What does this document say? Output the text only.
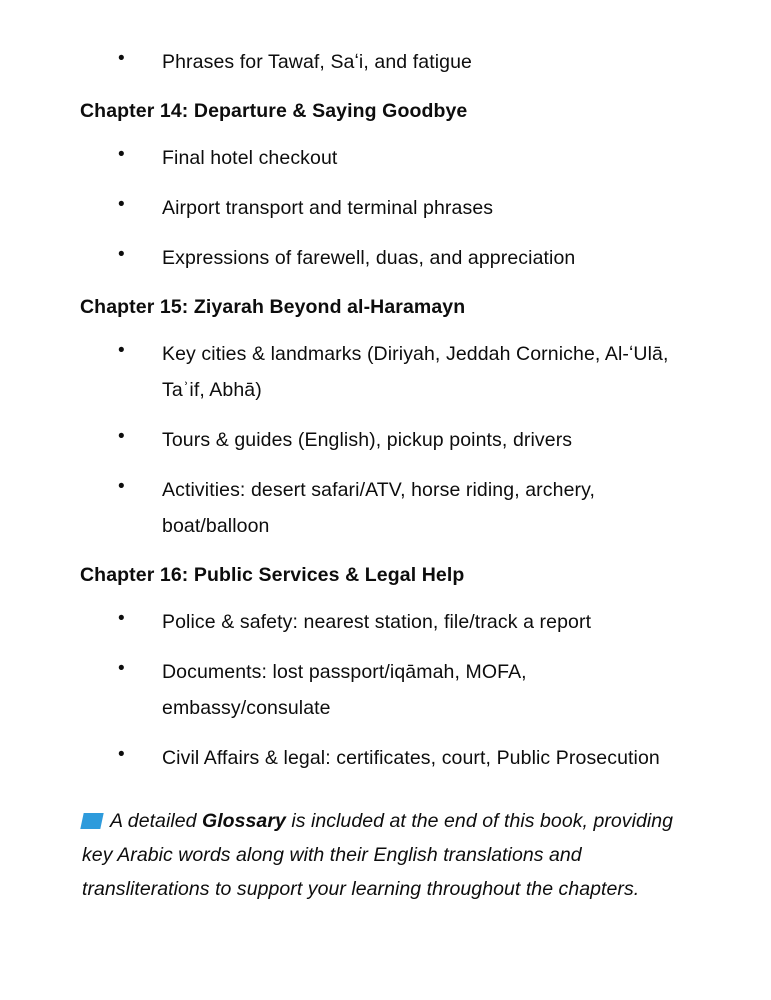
•	Phrases for Tawaf, Saʻi, and fatigue
Chapter 14: Departure & Saying Goodbye
•	Final hotel checkout
•	Airport transport and terminal phrases
•	Expressions of farewell, duas, and appreciation
Chapter 15: Ziyarah Beyond al-Haramayn
•	Key cities & landmarks (Diriyah, Jeddah Corniche, Al-ʻUlā, Taʾif, Abhā)
•	Tours & guides (English), pickup points, drivers
•	Activities: desert safari/ATV, horse riding, archery, boat/balloon
Chapter 16: Public Services & Legal Help
•	Police & safety: nearest station, file/track a report
•	Documents: lost passport/iqāmah, MOFA, embassy/consulate
•	Civil Affairs & legal: certificates, court, Public Prosecution

A detailed Glossary is included at the end of this book, providing key Arabic words along with their English translations and transliterations to support your learning throughout the chapters.
